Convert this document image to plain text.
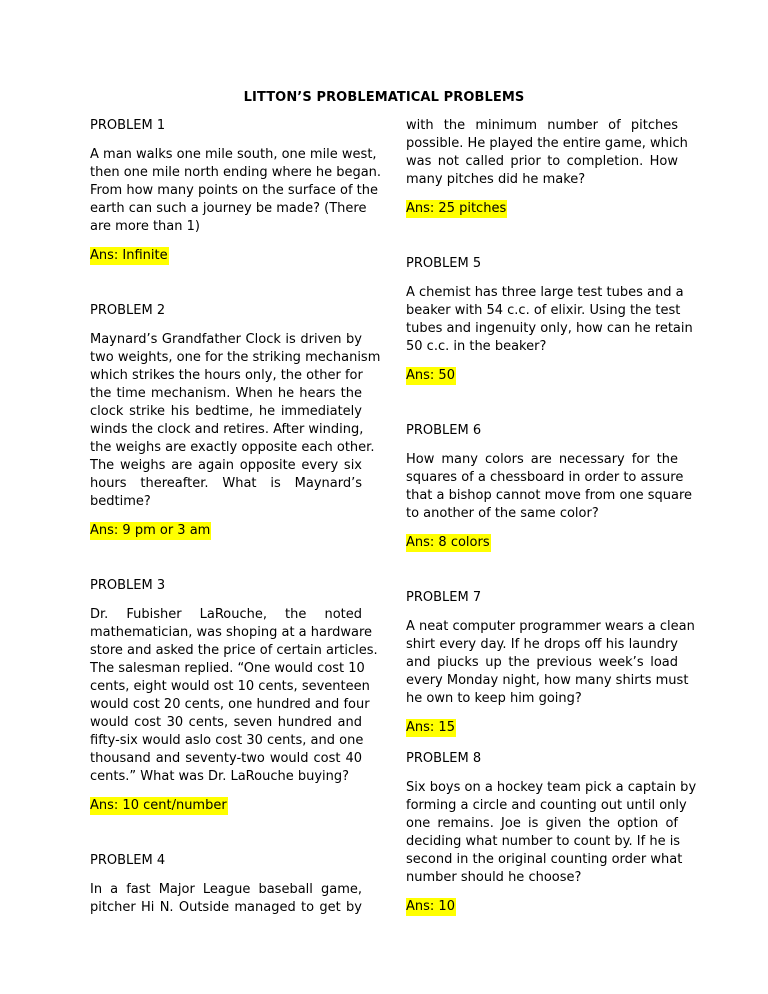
LITTON’S PROBLEMATICAL PROBLEMS
PROBLEM 1
A man walks one mile south, one mile west,
then one mile north ending where he began.
From how many points on the surface of the
earth can such a journey be made? (There
are more than 1)
Ans: Infinite
PROBLEM 2
Maynard’s Grandfather Clock is driven by
two weights, one for the striking mechanism
which strikes the hours only, the other for
the time mechanism. When he hears the
clock strike his bedtime, he immediately
winds the clock and retires. After winding,
the weighs are exactly opposite each other.
The weighs are again opposite every six
hours thereafter. What is Maynard’s
bedtime?
Ans: 9 pm or 3 am
PROBLEM 3
Dr. Fubisher LaRouche, the noted
mathematician, was shoping at a hardware
store and asked the price of certain articles.
The salesman replied. “One would cost 10
cents, eight would ost 10 cents, seventeen
would cost 20 cents, one hundred and four
would cost 30 cents, seven hundred and
fifty-six would aslo cost 30 cents, and one
thousand and seventy-two would cost 40
cents.” What was Dr. LaRouche buying?
Ans: 10 cent/number
PROBLEM 4
In a fast Major League baseball game,
pitcher Hi N. Outside managed to get by
with the minimum number of pitches
possible. He played the entire game, which
was not called prior to completion. How
many pitches did he make?
Ans: 25 pitches
PROBLEM 5
A chemist has three large test tubes and a
beaker with 54 c.c. of elixir. Using the test
tubes and ingenuity only, how can he retain
50 c.c. in the beaker?
Ans: 50
PROBLEM 6
How many colors are necessary for the
squares of a chessboard in order to assure
that a bishop cannot move from one square
to another of the same color?
Ans: 8 colors
PROBLEM 7
A neat computer programmer wears a clean
shirt every day. If he drops off his laundry
and piucks up the previous week’s load
every Monday night, how many shirts must
he own to keep him going?
Ans: 15
PROBLEM 8
Six boys on a hockey team pick a captain by
forming a circle and counting out until only
one remains. Joe is given the option of
deciding what number to count by. If he is
second in the original counting order what
number should he choose?
Ans: 10
